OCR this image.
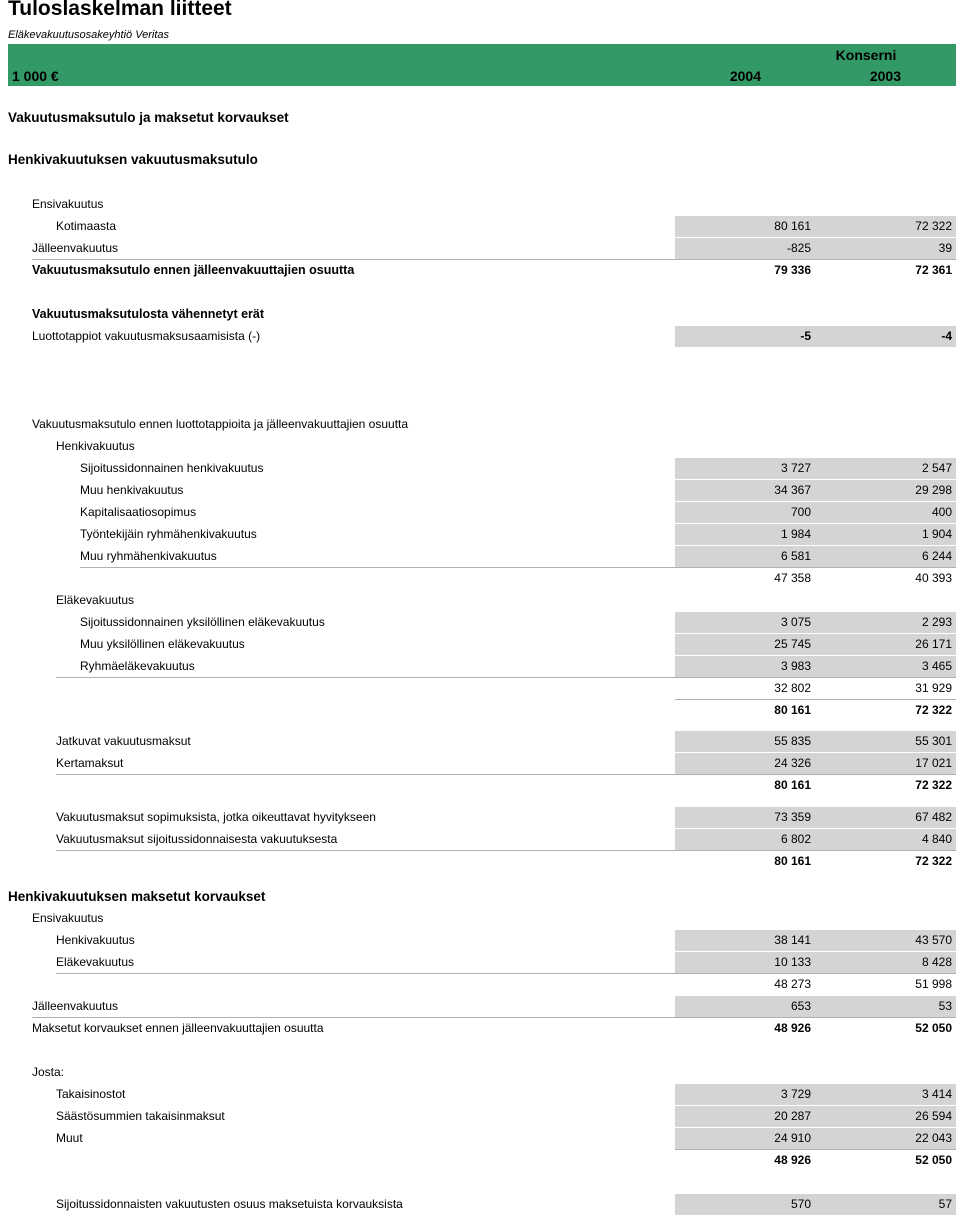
Tuloslaskelman liitteet
Eläkevakuutusosakeyhtiö Veritas
Konserni
1 000 €	2004	2003
Vakuutusmaksutulo ja maksetut korvaukset
Henkivakuutuksen vakuutusmaksutulo
Ensivakuutus
Kotimaasta	80 161	72 322
Jälleenvakuutus	-825	39
Vakuutusmaksutulo ennen jälleenvakuuttajien osuutta	79 336	72 361
Vakuutusmaksutulosta vähennetyt erät
Luottotappiot vakuutusmaksusaamisista (-)	-5	-4
Vakuutusmaksutulo ennen luottotappioita ja jälleenvakuuttajien osuutta
Henkivakuutus
Sijoitussidonnainen henkivakuutus	3 727	2 547
Muu henkivakuutus	34 367	29 298
Kapitalisaatiosopimus	700	400
Työntekijäin ryhmähenkivakuutus	1 984	1 904
Muu ryhmähenkivakuutus	6 581	6 244
47 358	40 393
Eläkevakuutus
Sijoitussidonnainen yksilöllinen eläkevakuutus	3 075	2 293
Muu yksilöllinen eläkevakuutus	25 745	26 171
Ryhmäeläkevakuutus	3 983	3 465
32 802	31 929
80 161	72 322
Jatkuvat vakuutusmaksut	55 835	55 301
Kertamaksut	24 326	17 021
80 161	72 322
Vakuutusmaksut sopimuksista, jotka oikeuttavat hyvitykseen	73 359	67 482
Vakuutusmaksut sijoitussidonnaisesta vakuutuksesta	6 802	4 840
80 161	72 322
Henkivakuutuksen maksetut korvaukset
Ensivakuutus
Henkivakuutus	38 141	43 570
Eläkevakuutus	10 133	8 428
48 273	51 998
Jälleenvakuutus	653	53
Maksetut korvaukset ennen jälleenvakuuttajien osuutta	48 926	52 050
Josta:
Takaisinostot	3 729	3 414
Säästösummien takaisinmaksut	20 287	26 594
Muut	24 910	22 043
48 926	52 050
Sijoitussidonnaisten vakuutusten osuus maksetuista korvauksista	570	57
